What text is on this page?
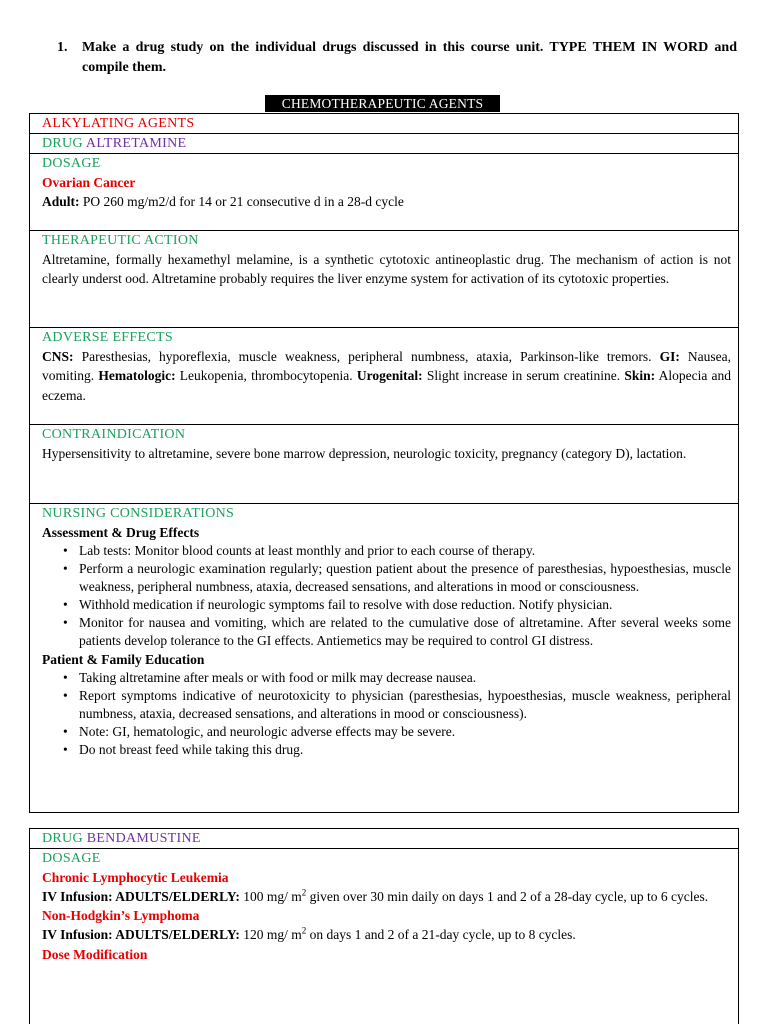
1. Make a drug study on the individual drugs discussed in this course unit. TYPE THEM IN WORD and compile them.
CHEMOTHERAPEUTIC AGENTS
ALKYLATING AGENTS
DRUG ALTRETAMINE
DOSAGE
Ovarian Cancer
Adult: PO 260 mg/m2/d for 14 or 21 consecutive d in a 28-d cycle
THERAPEUTIC ACTION
Altretamine, formally hexamethyl melamine, is a synthetic cytotoxic antineoplastic drug. The mechanism of action is not clearly underst ood. Altretamine probably requires the liver enzyme system for activation of its cytotoxic properties.
ADVERSE EFFECTS
CNS: Paresthesias, hyporeflexia, muscle weakness, peripheral numbness, ataxia, Parkinson-like tremors. GI: Nausea, vomiting. Hematologic: Leukopenia, thrombocytopenia. Urogenital: Slight increase in serum creatinine. Skin: Alopecia and eczema.
CONTRAINDICATION
Hypersensitivity to altretamine, severe bone marrow depression, neurologic toxicity, pregnancy (category D), lactation.
NURSING CONSIDERATIONS
Assessment & Drug Effects
• Lab tests: Monitor blood counts at least monthly and prior to each course of therapy.
• Perform a neurologic examination regularly; question patient about the presence of paresthesias, hypoesthesias, muscle weakness, peripheral numbness, ataxia, decreased sensations, and alterations in mood or consciousness.
• Withhold medication if neurologic symptoms fail to resolve with dose reduction. Notify physician.
• Monitor for nausea and vomiting, which are related to the cumulative dose of altretamine. After several weeks some patients develop tolerance to the GI effects. Antiemetics may be required to control GI distress.
Patient & Family Education
• Taking altretamine after meals or with food or milk may decrease nausea.
• Report symptoms indicative of neurotoxicity to physician (paresthesias, hypoesthesias, muscle weakness, peripheral numbness, ataxia, decreased sensations, and alterations in mood or consciousness).
• Note: GI, hematologic, and neurologic adverse effects may be severe.
• Do not breast feed while taking this drug.
DRUG BENDAMUSTINE
DOSAGE
Chronic Lymphocytic Leukemia
IV Infusion: ADULTS/ELDERLY: 100 mg/ $m^2$ given over 30 min daily on days 1 and 2 of a 28-day cycle, up to 6 cycles.
Non-Hodgkin’s Lymphoma
IV Infusion: ADULTS/ELDERLY: 120 mg/ $m^2$ on days 1 and 2 of a 21-day cycle, up to 8 cycles.
Dose Modification
